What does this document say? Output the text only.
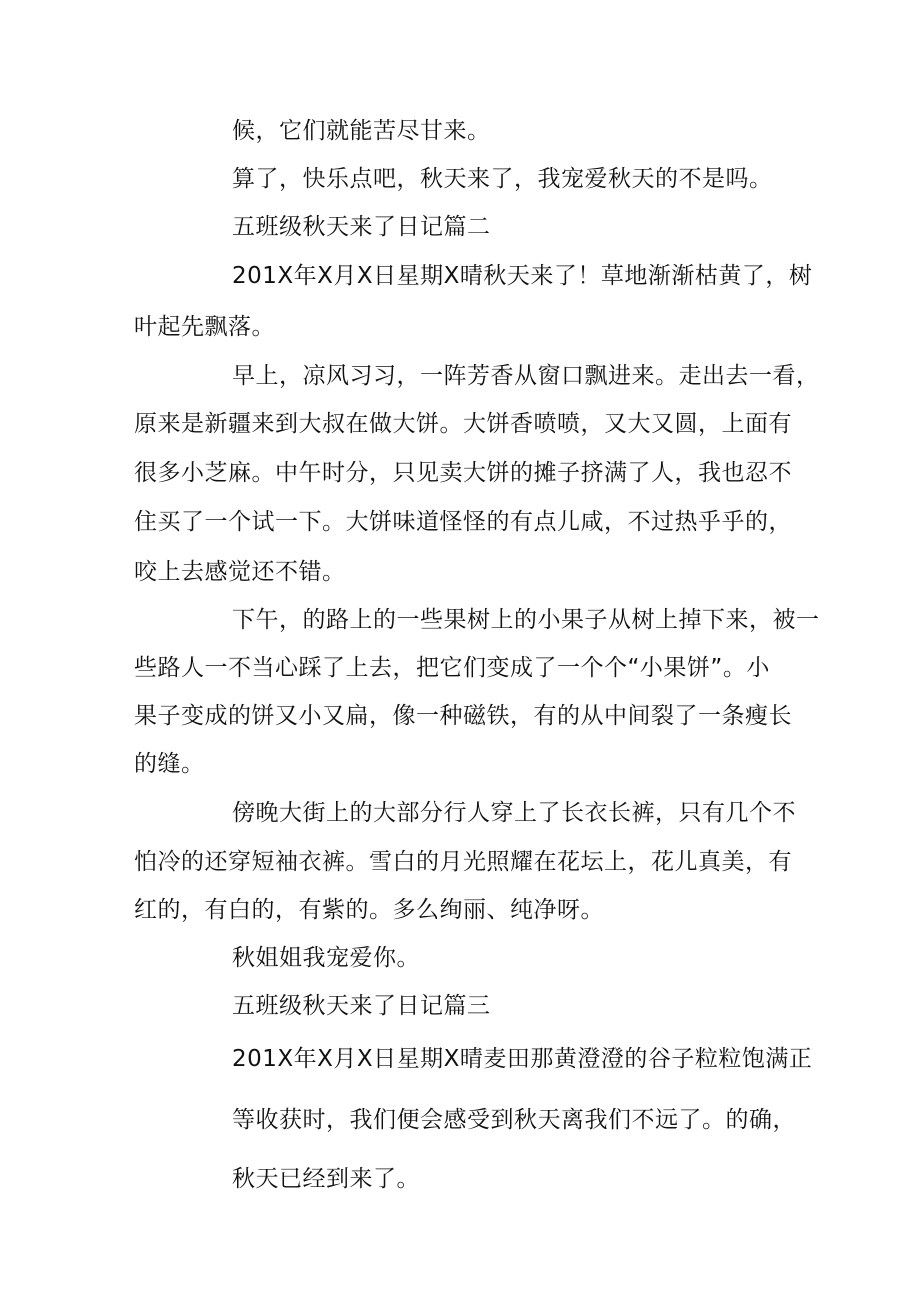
候，它们就能苦尽甘来。
算了，快乐点吧，秋天来了，我宠爱秋天的不是吗。
五班级秋天来了日记篇二
201X年X月X日星期X晴秋天来了！草地渐渐枯黄了，树
叶起先飘落。
早上，凉风习习，一阵芳香从窗口飘进来。走出去一看，
原来是新疆来到大叔在做大饼。大饼香喷喷，又大又圆，上面有
很多小芝麻。中午时分，只见卖大饼的摊子挤满了人，我也忍不
住买了一个试一下。大饼味道怪怪的有点儿咸，不过热乎乎的，
咬上去感觉还不错。
下午，的路上的一些果树上的小果子从树上掉下来，被一
些路人一不当心踩了上去，把它们变成了一个个“小果饼”。小
果子变成的饼又小又扁，像一种磁铁，有的从中间裂了一条瘦长
的缝。
傍晚大街上的大部分行人穿上了长衣长裤，只有几个不
怕冷的还穿短袖衣裤。雪白的月光照耀在花坛上，花儿真美，有
红的，有白的，有紫的。多么绚丽、纯净呀。
秋姐姐我宠爱你。
五班级秋天来了日记篇三
201X年X月X日星期X晴麦田那黄澄澄的谷子粒粒饱满正
等收获时，我们便会感受到秋天离我们不远了。的确，
秋天已经到来了。
